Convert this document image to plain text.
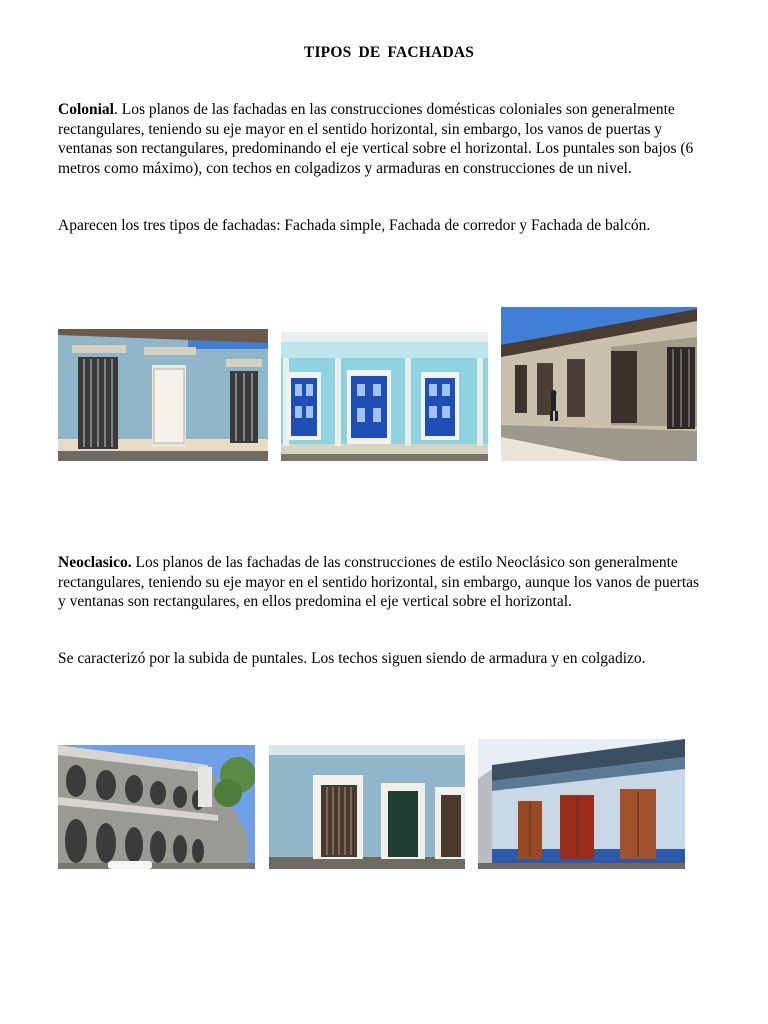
TIPOS DE FACHADAS

Colonial. Los planos de las fachadas en las construcciones domésticas coloniales son generalmente rectangulares, teniendo su eje mayor en el sentido horizontal, sin embargo, los vanos de puertas y ventanas son rectangulares, predominando el eje vertical sobre el horizontal. Los puntales son bajos (6 metros como máximo), con techos en colgadizos y armaduras en construcciones de un nivel.

Aparecen los tres tipos de fachadas: Fachada simple, Fachada de corredor y Fachada de balcón.

Neoclasico. Los planos de las fachadas de las construcciones de estilo Neoclásico son generalmente rectangulares, teniendo su eje mayor en el sentido horizontal, sin embargo, aunque los vanos de puertas y ventanas son rectangulares, en ellos predomina el eje vertical sobre el horizontal.

Se caracterizó por la subida de puntales. Los techos siguen siendo de armadura y en colgadizo.
